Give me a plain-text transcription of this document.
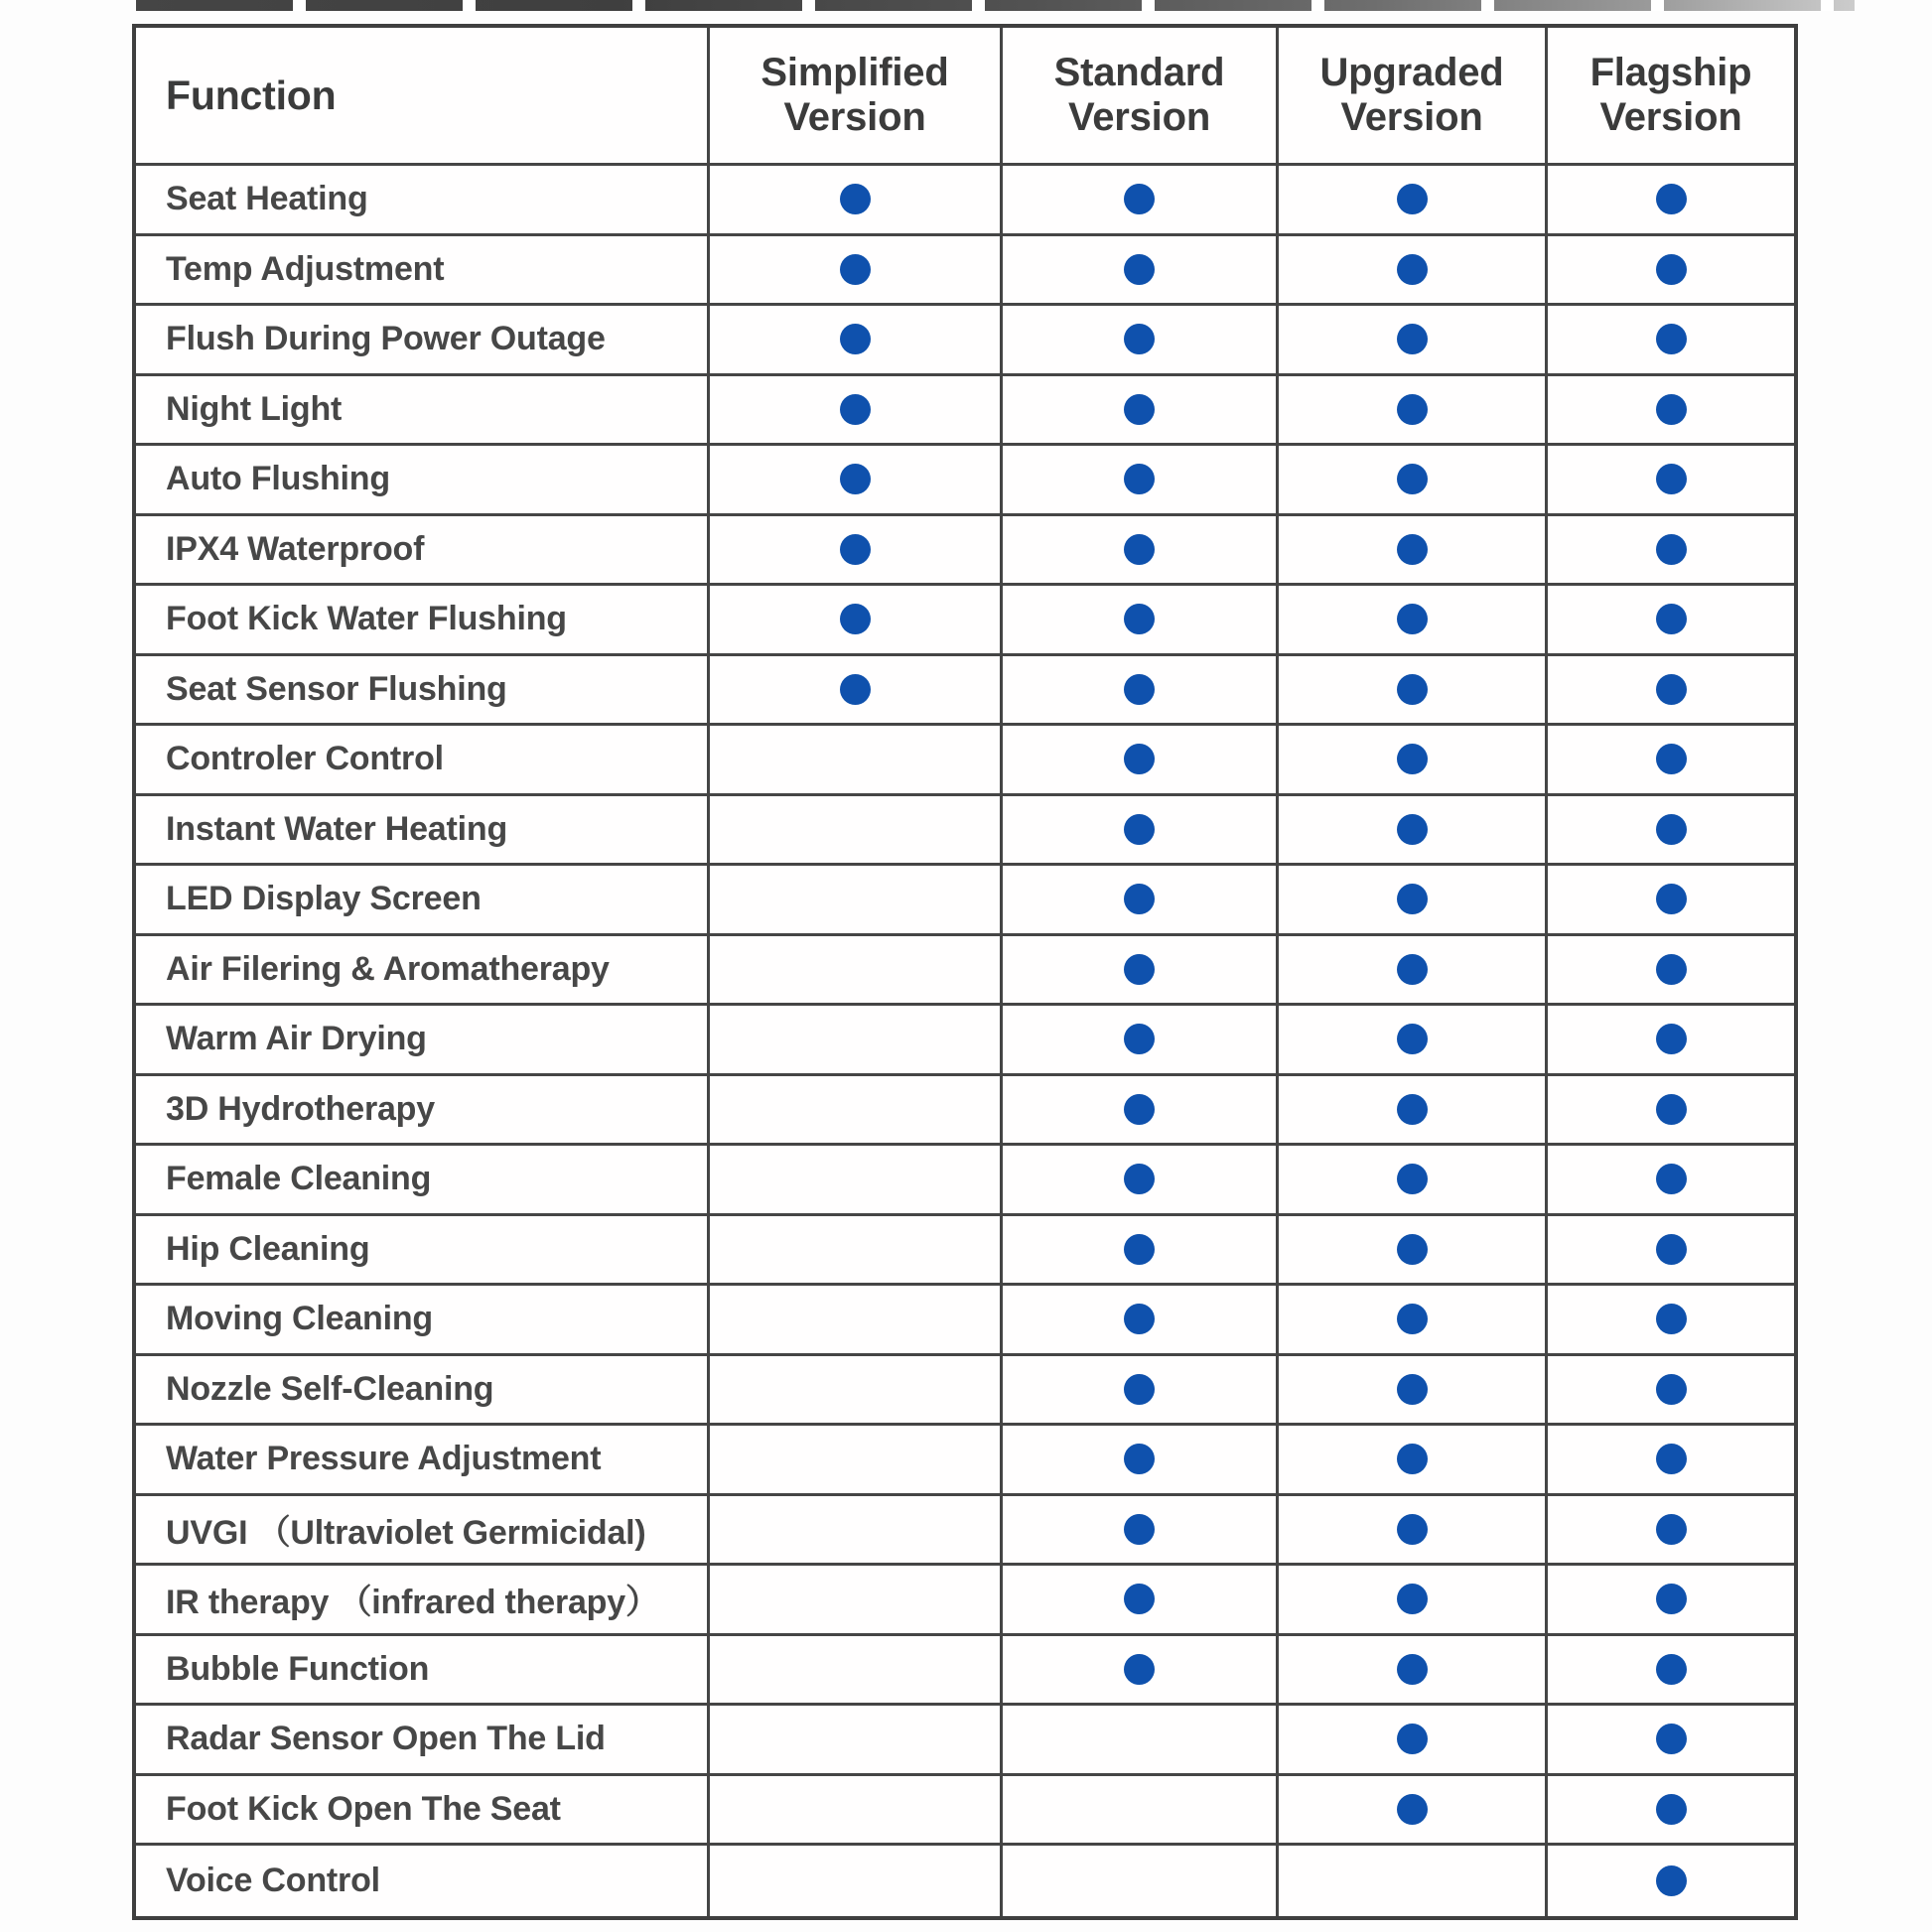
Function
Simplified Version
Standard Version
Upgraded Version
Flagship Version
Seat Heating
Temp Adjustment
Flush During Power Outage
Night Light
Auto Flushing
IPX4 Waterproof
Foot Kick Water Flushing
Seat Sensor Flushing
Controler Control
Instant Water Heating
LED Display Screen
Air Filering & Aromatherapy
Warm Air Drying
3D Hydrotherapy
Female Cleaning
Hip Cleaning
Moving Cleaning
Nozzle Self-Cleaning
Water Pressure Adjustment
UVGI （Ultraviolet Germicidal)
IR therapy （infrared therapy）
Bubble Function
Radar Sensor Open The Lid
Foot Kick Open The Seat
Voice Control
